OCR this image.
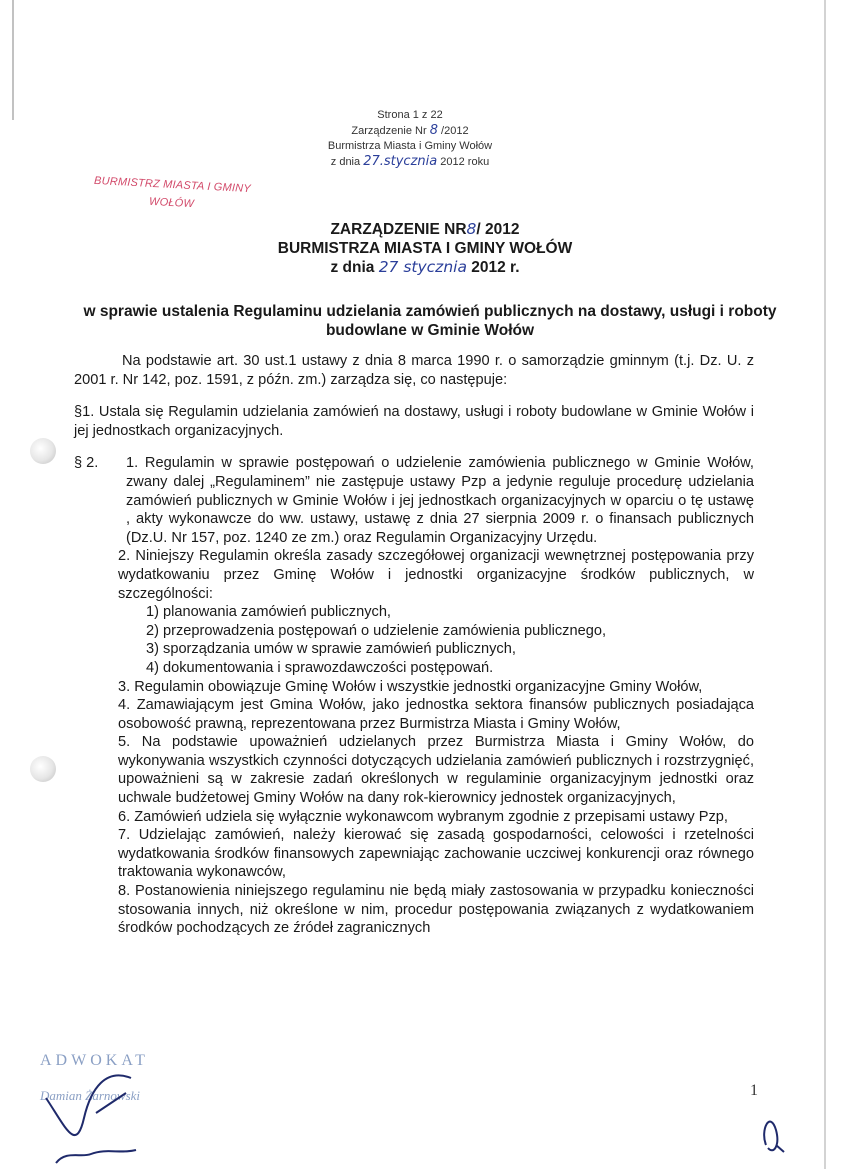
Strona 1 z 22
Zarządzenie Nr 8 /2012
Burmistrza Miasta i Gminy Wołów
z dnia 27.stycznia 2012 roku
BURMISTRZ MIASTA I GMINY
WOŁÓW
ZARZĄDZENIE NR8/ 2012
BURMISTRZA MIASTA I GMINY WOŁÓW
z dnia 27 stycznia 2012 r.
w sprawie ustalenia Regulaminu udzielania zamówień publicznych na dostawy, usługi i roboty budowlane w Gminie Wołów

Na podstawie art. 30 ust.1 ustawy z dnia 8 marca 1990 r. o samorządzie gminnym (t.j. Dz. U. z 2001 r. Nr 142, poz. 1591, z późn. zm.) zarządza się, co następuje:

§1. Ustala się Regulamin udzielania zamówień na dostawy, usługi i roboty budowlane w Gminie Wołów i jej jednostkach organizacyjnych.

§ 2.	1. Regulamin w sprawie postępowań o udzielenie zamówienia publicznego w Gminie Wołów, zwany dalej „Regulaminem” nie zastępuje ustawy Pzp a jedynie reguluje procedurę udzielania zamówień publicznych w Gminie Wołów i jej jednostkach organizacyjnych w oparciu o tę ustawę , akty wykonawcze do ww. ustawy, ustawę z dnia 27 sierpnia 2009 r. o finansach publicznych (Dz.U. Nr 157, poz. 1240 ze zm.) oraz Regulamin Organizacyjny Urzędu.

2. Niniejszy Regulamin określa zasady szczegółowej organizacji wewnętrznej postępowania przy wydatkowaniu przez Gminę Wołów i jednostki organizacyjne środków publicznych, w szczególności:

1) planowania zamówień publicznych,

2) przeprowadzenia postępowań o udzielenie zamówienia publicznego,

3) sporządzania umów w sprawie zamówień publicznych,

4) dokumentowania i sprawozdawczości postępowań.

3. Regulamin obowiązuje Gminę Wołów i wszystkie jednostki organizacyjne Gminy Wołów,

4. Zamawiającym jest Gmina Wołów, jako jednostka sektora finansów publicznych posiadająca osobowość prawną, reprezentowana przez Burmistrza Miasta i Gminy Wołów,

5. Na podstawie upoważnień udzielanych przez Burmistrza Miasta i Gminy Wołów, do wykonywania wszystkich czynności dotyczących udzielania zamówień publicznych i rozstrzygnięć, upoważnieni są w zakresie zadań określonych w regulaminie organizacyjnym jednostki oraz uchwale budżetowej Gminy Wołów na dany rok-kierownicy jednostek organizacyjnych,

6. Zamówień udziela się wyłącznie wykonawcom wybranym zgodnie z przepisami ustawy Pzp,

7. Udzielając zamówień, należy kierować się zasadą gospodarności, celowości i rzetelności wydatkowania środków finansowych zapewniając zachowanie uczciwej konkurencji oraz równego traktowania wykonawców,

8. Postanowienia niniejszego regulaminu nie będą miały zastosowania w przypadku konieczności stosowania innych, niż określone w nim, procedur postępowania związanych z wydatkowaniem środków pochodzących ze źródeł zagranicznych

ADWOKAT
Damian Żarnowski	1
